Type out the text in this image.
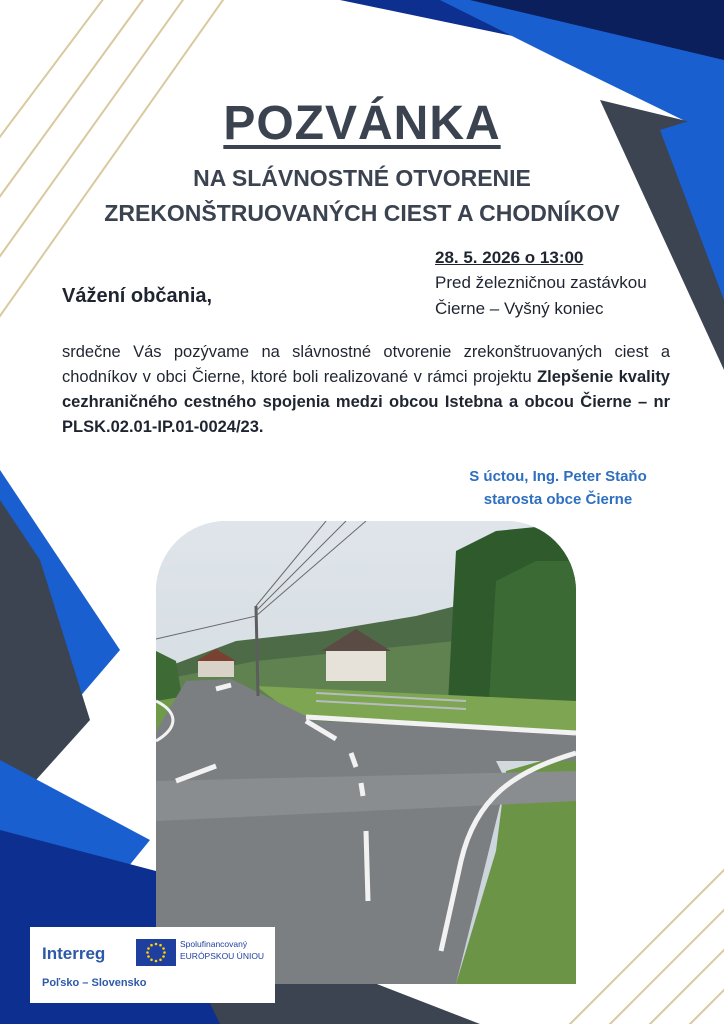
POZVÁNKA
NA SLÁVNOSTNÉ OTVORENIE
ZREKONŠTRUOVANÝCH CIEST A CHODNÍKOV
28. 5. 2026 o 13:00
Pred železničnou zastávkou
Čierne – Vyšný koniec
Vážení občania,
srdečne Vás pozývame na slávnostné otvorenie zrekonštruovaných ciest a chodníkov v obci Čierne, ktoré boli realizované v rámci projektu Zlepšenie kvality cezhraničného cestného spojenia medzi obcou Istebna a obcou Čierne – nr PLSK.02.01-IP.01-0024/23.
S úctou, Ing. Peter Staňo
starosta obce Čierne
Interreg	Spolufinancovaný
EURÓPSKOU ÚNIOU
Poľsko – Slovensko
